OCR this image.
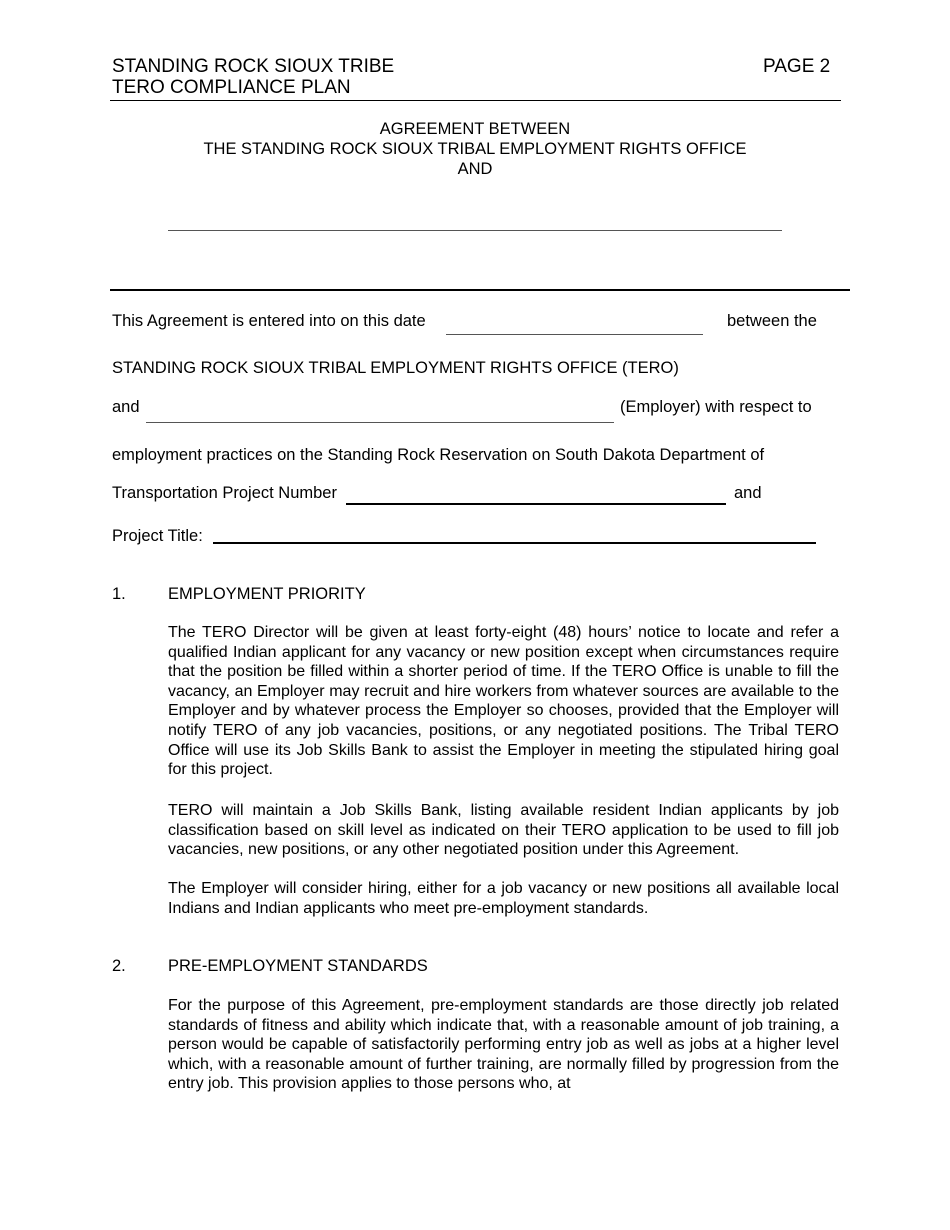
STANDING ROCK SIOUX TRIBE
TERO COMPLIANCE PLAN
PAGE 2
AGREEMENT BETWEEN
THE STANDING ROCK SIOUX TRIBAL EMPLOYMENT RIGHTS OFFICE
AND
This Agreement is entered into on this date	between the
STANDING ROCK SIOUX TRIBAL EMPLOYMENT RIGHTS OFFICE (TERO)
and	(Employer) with respect to
employment practices on the Standing Rock Reservation on South Dakota Department of
Transportation Project Number	and
Project Title:
1.	EMPLOYMENT PRIORITY

The TERO Director will be given at least forty-eight (48) hours’ notice to locate and refer a qualified Indian applicant for any vacancy or new position except when circumstances require that the position be filled within a shorter period of time. If the TERO Office is unable to fill the vacancy, an Employer may recruit and hire workers from whatever sources are available to the Employer and by whatever process the Employer so chooses, provided that the Employer will notify TERO of any job vacancies, positions, or any negotiated positions. The Tribal TERO Office will use its Job Skills Bank to assist the Employer in meeting the stipulated hiring goal for this project.

TERO will maintain a Job Skills Bank, listing available resident Indian applicants by job classification based on skill level as indicated on their TERO application to be used to fill job vacancies, new positions, or any other negotiated position under this Agreement.

The Employer will consider hiring, either for a job vacancy or new positions all available local Indians and Indian applicants who meet pre-employment standards.

2.	PRE-EMPLOYMENT STANDARDS

For the purpose of this Agreement, pre-employment standards are those directly job related standards of fitness and ability which indicate that, with a reasonable amount of job training, a person would be capable of satisfactorily performing entry job as well as jobs at a higher level which, with a reasonable amount of further training, are normally filled by progression from the entry job. This provision applies to those persons who, at
